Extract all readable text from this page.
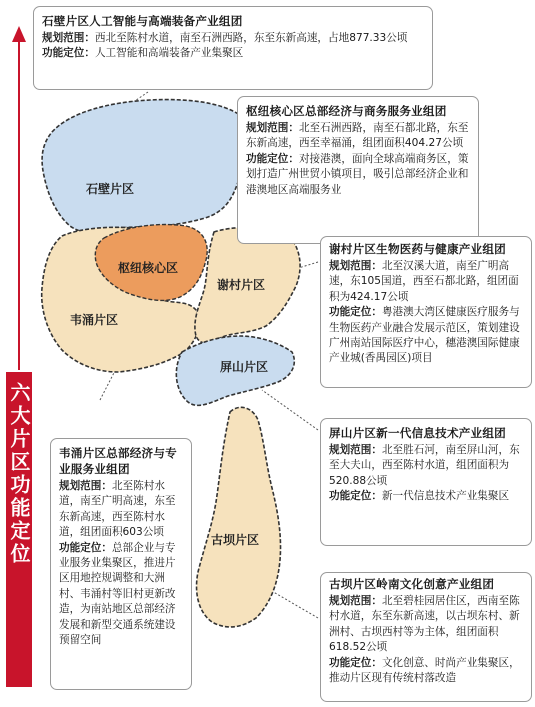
石壁片区
枢纽核心区
谢村片区
韦涌片区
屏山片区
古坝片区
六大片区功能定位
石壁片区人工智能与高端装备产业组团
规划范围：西北至陈村水道，南至石洲西路，东至东新高速，占地877.33公顷
功能定位：人工智能和高端装备产业集聚区
枢纽核心区总部经济与商务服务业组团
规划范围：北至石洲西路，南至石都北路，东至东新高速，西至幸福涌，组团面积404.27公顷
功能定位：对接港澳，面向全球高端商务区，策划打造广州世贸小镇项目，吸引总部经济企业和港澳地区高端服务业
谢村片区生物医药与健康产业组团
规划范围：北至汉溪大道，南至广明高速，东105国道，西至石都北路，组团面积为424.17公顷
功能定位：粤港澳大湾区健康医疗服务与生物医药产业融合发展示范区，策划建设广州南站国际医疗中心，穗港澳国际健康产业城(香禺园区)项目
韦涌片区总部经济与专业服务业组团
规划范围：北至陈村水道，南至广明高速，东至东新高速，西至陈村水道，组团面积603公顷
功能定位：总部企业与专业服务业集聚区，推进片区用地控规调整和大洲村、韦涌村等旧村更新改造，为南站地区总部经济发展和新型交通系统建设预留空间
屏山片区新一代信息技术产业组团
规划范围：北至胜石河，南至屏山河，东至大夫山，西至陈村水道，组团面积为520.88公顷
功能定位：新一代信息技术产业集聚区
古坝片区岭南文化创意产业组团
规划范围：北至碧桂园居住区，西南至陈村水道，东至东新高速，以古坝东村、新洲村、古坝西村等为主体，组团面积618.52公顷
功能定位：文化创意、时尚产业集聚区，推动片区现有传统村落改造
